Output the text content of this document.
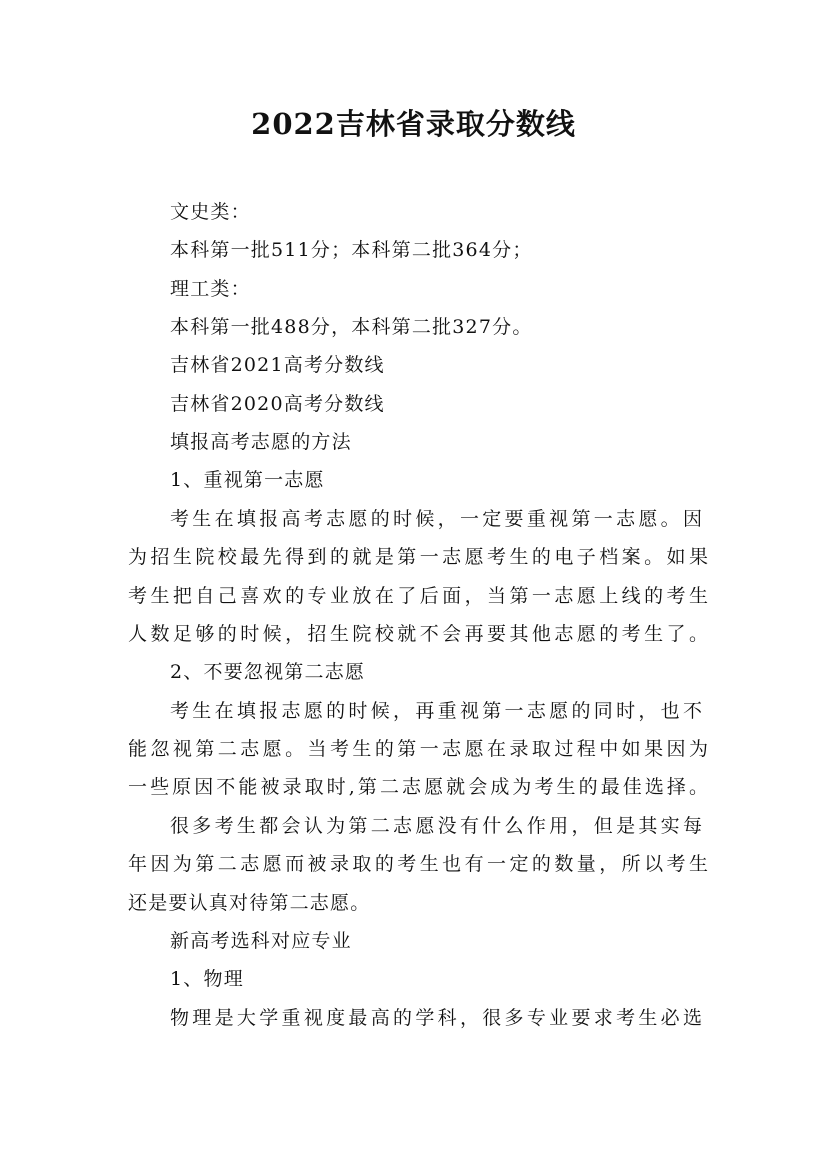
2022吉林省录取分数线
文史类：
本科第一批511分；本科第二批364分；
理工类：
本科第一批488分，本科第二批327分。
吉林省2021高考分数线
吉林省2020高考分数线
填报高考志愿的方法
1、重视第一志愿
考生在填报高考志愿的时候，一定要重视第一志愿。因
为招生院校最先得到的就是第一志愿考生的电子档案。如果
考生把自己喜欢的专业放在了后面，当第一志愿上线的考生
人数足够的时候，招生院校就不会再要其他志愿的考生了。
2、不要忽视第二志愿
考生在填报志愿的时候，再重视第一志愿的同时，也不
能忽视第二志愿。当考生的第一志愿在录取过程中如果因为
一些原因不能被录取时,第二志愿就会成为考生的最佳选择。
很多考生都会认为第二志愿没有什么作用，但是其实每
年因为第二志愿而被录取的考生也有一定的数量，所以考生
还是要认真对待第二志愿。
新高考选科对应专业
1、物理
物理是大学重视度最高的学科，很多专业要求考生必选
